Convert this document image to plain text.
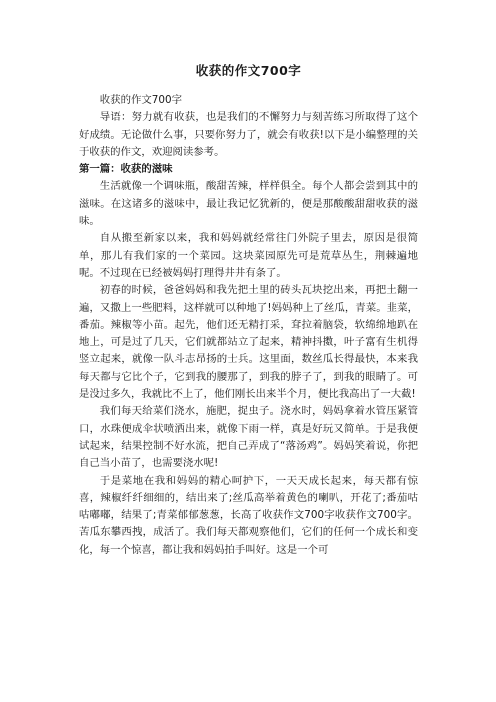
收获的作文700字

收获的作文700字

导语：努力就有收获，也是我们的不懈努力与刻苦练习所取得了这个好成绩。无论做什么事，只要你努力了，就会有收获!以下是小编整理的关于收获的作文，欢迎阅读参考。

第一篇：收获的滋味

生活就像一个调味瓶，酸甜苦辣，样样俱全。每个人都会尝到其中的滋味。在这诸多的滋味中，最让我记忆犹新的，便是那酸酸甜甜收获的滋味。

自从搬至新家以来，我和妈妈就经常往门外院子里去，原因是很简单，那儿有我们家的一个菜园。这块菜园原先可是荒草丛生，荆棘遍地呢。不过现在已经被妈妈打理得井井有条了。

初春的时候，爸爸妈妈和我先把土里的砖头瓦块挖出来，再把土翻一遍，又撒上一些肥料，这样就可以种地了!妈妈种上了丝瓜，青菜。韭菜，番茄。辣椒等小苗。起先，他们还无精打采，耷拉着脑袋，软绵绵地趴在地上，可是过了几天，它们就都站立了起来，精神抖擞，叶子富有生机得竖立起来，就像一队斗志昂扬的士兵。这里面，数丝瓜长得最快，本来我每天都与它比个子，它到我的腰那了，到我的脖子了，到我的眼睛了。可是没过多久，我就比不上了，他们刚长出来半个月，便比我高出了一大截!

我们每天给菜们浇水，施肥，捉虫子。浇水时，妈妈拿着水管压紧管口，水珠便成伞状喷洒出来，就像下雨一样，真是好玩又简单。于是我便试起来，结果控制不好水流，把自己弄成了“落汤鸡”。妈妈笑着说，你把自己当小苗了，也需要浇水呢!

于是菜地在我和妈妈的精心呵护下，一天天成长起来，每天都有惊喜，辣椒纤纤细细的，结出来了;丝瓜高举着黄色的喇叭，开花了;番茄咕咕嘟嘟，结果了;青菜郁郁葱葱，长高了收获作文700字收获作文700字。苦瓜东攀西拽，成活了。我们每天都观察他们，它们的任何一个成长和变化，每一个惊喜，都让我和妈妈拍手叫好。这是一个可
